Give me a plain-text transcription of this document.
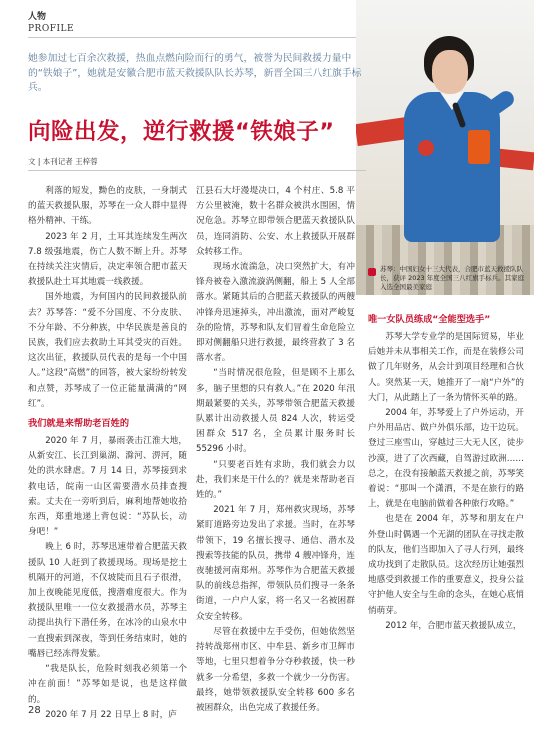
人物
PROFILE
苏琴：中国妇女十三大代表，合肥市蓝天救援队队长，获评 2023 年度全国三八红旗手标兵。其家庭入选全国最美家庭
她参加过七百余次救援，热血点燃向险而行的勇气，被誉为民间救援力量中的“铁娘子”，她就是安徽合肥市蓝天救援队队长苏琴，新晋全国三八红旗手标兵。
向险出发，逆行救援“铁娘子”
文 | 本刊记者 王梓蓉

利落的短发，黝色的皮肤，一身制式的蓝天救援队服，苏琴在一众人群中显得格外精神、干练。

2023 年 2 月，土耳其连续发生两次 7.8 级强地震，伤亡人数不断上升。苏琴在持续关注灾情后，决定率领合肥市蓝天救援队赴土耳其地震一线救援。

国外地震，为何国内的民间救援队前去？苏琴答：“爱不分国度、不分皮肤、不分年龄、不分种族，中华民族是善良的民族，我们应去救助土耳其受灾的百姓。这次出征，救援队员代表的是每一个中国人。”这段“高燃”的回答，被大家纷纷转发和点赞，苏琴成了一位正能量满满的“网红”。

我们就是来帮助老百姓的

2020 年 7 月，暴雨袭击江淮大地，从新安江、长江到巢湖、滁河、淠河，随处的洪水肆虐。7 月 14 日，苏琴接到求救电话，皖南一山区需要潜水员排查搜索。丈夫在一旁听到后，麻利地帮她收拾东西，郑重地递上背包说：“苏队长，动身吧！”

晚上 6 时，苏琴迅速带着合肥蓝天救援队 10 人赶到了救援现场。现场是挖土机隔开的河道，不仅坡陡而且石子很滑，加上夜晚能见度低，搜潜难度很大。作为救援队里唯一一位女救援潜水员，苏琴主动提出执行下潜任务，在冰冷的山泉水中一直搜索到深夜，等到任务结束时，她的嘴唇已经冻得发紫。

“我是队长，危险时刻我必须第一个冲在前面！”苏琴如是说，也是这样做的。

2020 年 7 月 22 日早上 8 时，庐

江县石大圩漫堤决口，4 个村庄、5.8 平方公里被淹，数十名群众被洪水围困，情况危急。苏琴立即带领合肥蓝天救援队队员，连同消防、公安、水上救援队开展群众转移工作。

现场水流湍急，决口突然扩大，有冲锋舟被卷入激流漩涡侧翻，船上 5 人全部落水。紧随其后的合肥蓝天救援队的两艘冲锋舟迅速掉头，冲出激流，面对严峻复杂的险情，苏琴和队友们冒着生命危险立即对侧翻船只进行救援，最终营救了 3 名落水者。

“当时情况很危险，但是顾不上那么多，脑子里想的只有救人。”在 2020 年汛期最紧要的关头，苏琴带领合肥蓝天救援队累计出动救援人员 824 人次，转运受困群众 517 名，全员累计服务时长 55296 小时。

“只要老百姓有求助，我们就会力以赴，我们来是干什么的？就是来帮助老百姓的。”

2021 年 7 月，郑州救灾现场，苏琴紧盯道路旁边发出了求援。当时，在苏琴带领下，19 名擅长搜寻、通信、潜水及搜索等技能的队员，携带 4 艘冲锋舟，连夜驰援河南郑州。苏琴作为合肥蓝天救援队的前线总指挥，带领队员们搜寻一条条街道，一户户人家，将一名又一名被困群众安全转移。

尽管在救援中左手受伤，但她依然坚持转战郑州市区、中牟县、新乡市卫辉市等地，七里只想着争分夺秒救援，快一秒就多一分希望，多救一个就少一分伤害。最终，她带领救援队安全转移 600 多名被困群众，出色完成了救援任务。

唯一女队员练成“全能型选手”

苏琴大学专业学的是国际贸易，毕业后她并未从事相关工作，而是在装修公司做了几年财务，从会计到项目经理和合伙人。突然某一天，她推开了一扇“户外”的大门，从此踏上了一条为情怀买单的路。

2004 年，苏琴爱上了户外运动，开户外用品店、做户外俱乐部，边干边玩。登过三座雪山，穿越过三大无人区，徒步沙漠，进了了次西藏，自驾游过欧洲……总之，在没有接触蓝天救援之前，苏琴笑着说：“那叫一个潇洒，不是在旅行的路上，就是在电脑前做着各种旅行攻略。”

也是在 2004 年，苏琴和朋友在户外登山时偶遇一个无湖的团队在寻找走散的队友，他们当即加入了寻人行列，最终成功找到了走散队员。这次经历让她强烈地感受到救援工作的重要意义，投身公益守护他人安全与生命的念头，在她心底悄悄萌芽。

2012 年，合肥市蓝天救援队成立，

28
